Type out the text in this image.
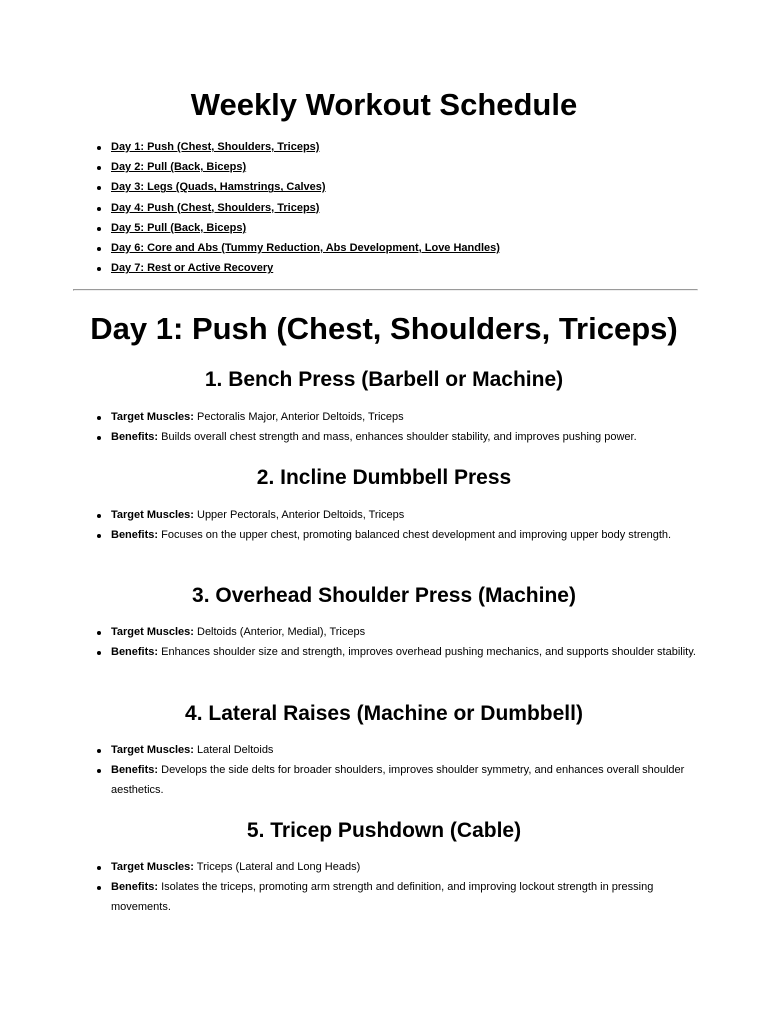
Weekly Workout Schedule
Day 1: Push (Chest, Shoulders, Triceps)
Day 2: Pull (Back, Biceps)
Day 3: Legs (Quads, Hamstrings, Calves)
Day 4: Push (Chest, Shoulders, Triceps)
Day 5: Pull (Back, Biceps)
Day 6: Core and Abs (Tummy Reduction, Abs Development, Love Handles)
Day 7: Rest or Active Recovery
Day 1: Push (Chest, Shoulders, Triceps)
1. Bench Press (Barbell or Machine)
Target Muscles: Pectoralis Major, Anterior Deltoids, Triceps
Benefits: Builds overall chest strength and mass, enhances shoulder stability, and improves pushing power.
2. Incline Dumbbell Press
Target Muscles: Upper Pectorals, Anterior Deltoids, Triceps
Benefits: Focuses on the upper chest, promoting balanced chest development and improving upper body strength.
3. Overhead Shoulder Press (Machine)
Target Muscles: Deltoids (Anterior, Medial), Triceps
Benefits: Enhances shoulder size and strength, improves overhead pushing mechanics, and supports shoulder stability.
4. Lateral Raises (Machine or Dumbbell)
Target Muscles: Lateral Deltoids
Benefits: Develops the side delts for broader shoulders, improves shoulder symmetry, and enhances overall shoulder aesthetics.
5. Tricep Pushdown (Cable)
Target Muscles: Triceps (Lateral and Long Heads)
Benefits: Isolates the triceps, promoting arm strength and definition, and improving lockout strength in pressing movements.
